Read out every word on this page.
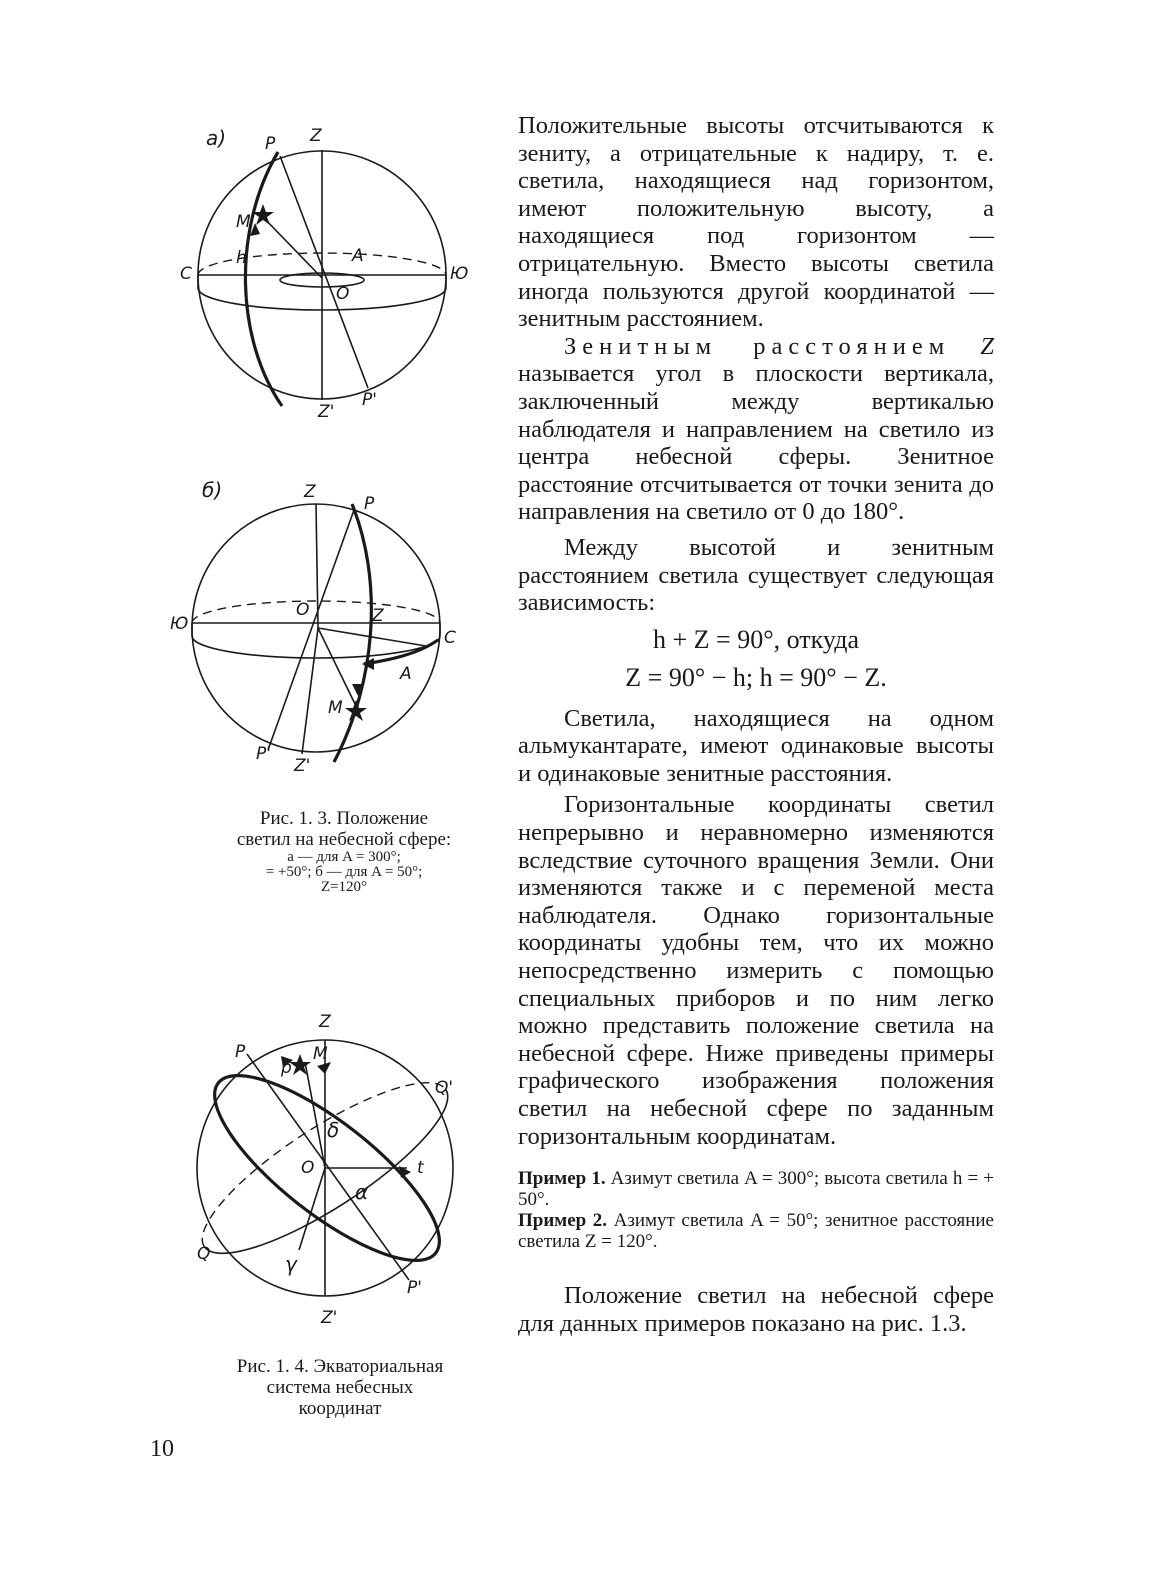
а) P Z
M
h	A
O
С	Ю
Z'
P'
б)	Z
P
Ю
O	Z
С
A
M
P'
Z'
Рис. 1. 3. Положение
светил на небесной сфере:
а — для A = 300°;
= +50°; б — для A = 50°;
Z=120°
Z
P
p
M
Q'
δ
O	t
α
Q	γ
P'
Z'
Рис. 1. 4. Экваториальная
система небесных
координат

Положительные высоты отсчитываются к зениту, а отрицательные к надиру, т. е. светила, находящиеся над горизонтом, имеют положительную высоту, а находящиеся под горизонтом — отрицательную. Вместо высоты светила иногда пользуются другой координатой — зенитным расстоянием.

Зенитным расстоянием Z называется угол в плоскости вертикала, заключенный между вертикалью наблюдателя и направлением на светило из центра небесной сферы. Зенитное расстояние отсчитывается от точки зенита до направления на светило от 0 до 180°.

Между высотой и зенитным расстоянием светила существует следующая зависимость:

h + Z = 90°, откуда
Z = 90° − h; h = 90° − Z.

Светила, находящиеся на одном альмукантарате, имеют одинаковые высоты и одинаковые зенитные расстояния.

Горизонтальные координаты светил непрерывно и неравномерно изменяются вследствие суточного вращения Земли. Они изменяются также и с переменой места наблюдателя. Однако горизонтальные координаты удобны тем, что их можно непосредственно измерить с помощью специальных приборов и по ним легко можно представить положение светила на небесной сфере. Ниже приведены примеры графического изображения положения светил на небесной сфере по заданным горизонтальным координатам.

Пример 1. Азимут светила A = 300°; высота светила h = + 50°.

Пример 2. Азимут светила A = 50°; зенитное расстояние светила Z = 120°.

Положение светил на небесной сфере для данных примеров показано на рис. 1.3.

10
